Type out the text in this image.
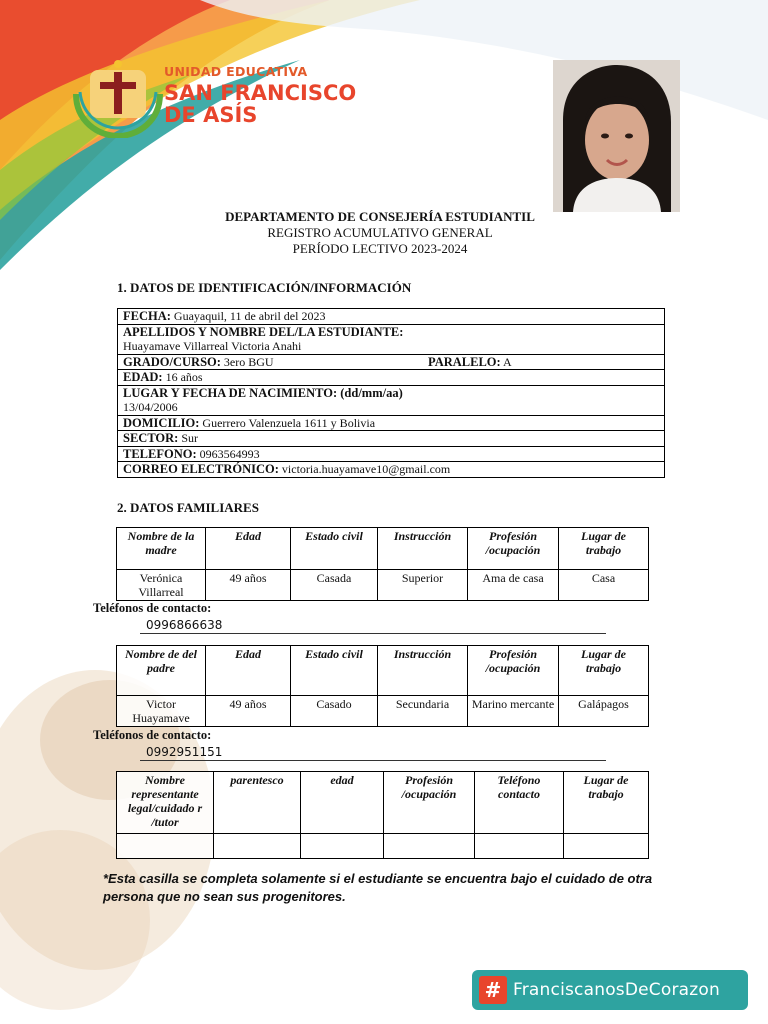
UNIDAD EDUCATIVA
SAN FRANCISCO
DE ASÍS
DEPARTAMENTO DE CONSEJERÍA ESTUDIANTIL
REGISTRO ACUMULATIVO GENERAL
PERÍODO LECTIVO 2023-2024
1. DATOS DE IDENTIFICACIÓN/INFORMACIÓN
FECHA: Guayaquil, 11 de abril del 2023

APELLIDOS Y NOMBRE DEL/LA ESTUDIANTE:
Huayamave Villarreal Victoria Anahi

GRADO/CURSO: 3ero BGU	PARALELO: A
EDAD: 16 años

LUGAR Y FECHA DE NACIMIENTO: (dd/mm/aa)
13/04/2006

DOMICILIO: Guerrero Valenzuela 1611 y Bolivia
SECTOR: Sur
TELEFONO: 0963564993
CORREO ELECTRÓNICO: victoria.huayamave10@gmail.com
2. DATOS FAMILIARES
Nombre de la madre	Edad	Estado civil	Instrucción	Profesión /ocupación	Lugar de trabajo
Verónica Villarreal	49 años	Casada	Superior	Ama de casa	Casa
Teléfonos de contacto:
0996866638
Nombre de del padre	Edad	Estado civil	Instrucción	Profesión /ocupación	Lugar de trabajo
Victor Huayamave	49 años	Casado	Secundaria	Marino mercante	Galápagos
Teléfonos de contacto:
0992951151
Nombre representante legal/cuidado r /tutor	parentesco	edad	Profesión /ocupación	Teléfono contacto	Lugar de trabajo

*Esta casilla se completa solamente si el estudiante se encuentra bajo el cuidado de otra persona que no sean sus progenitores.
# FranciscanosDeCorazon
